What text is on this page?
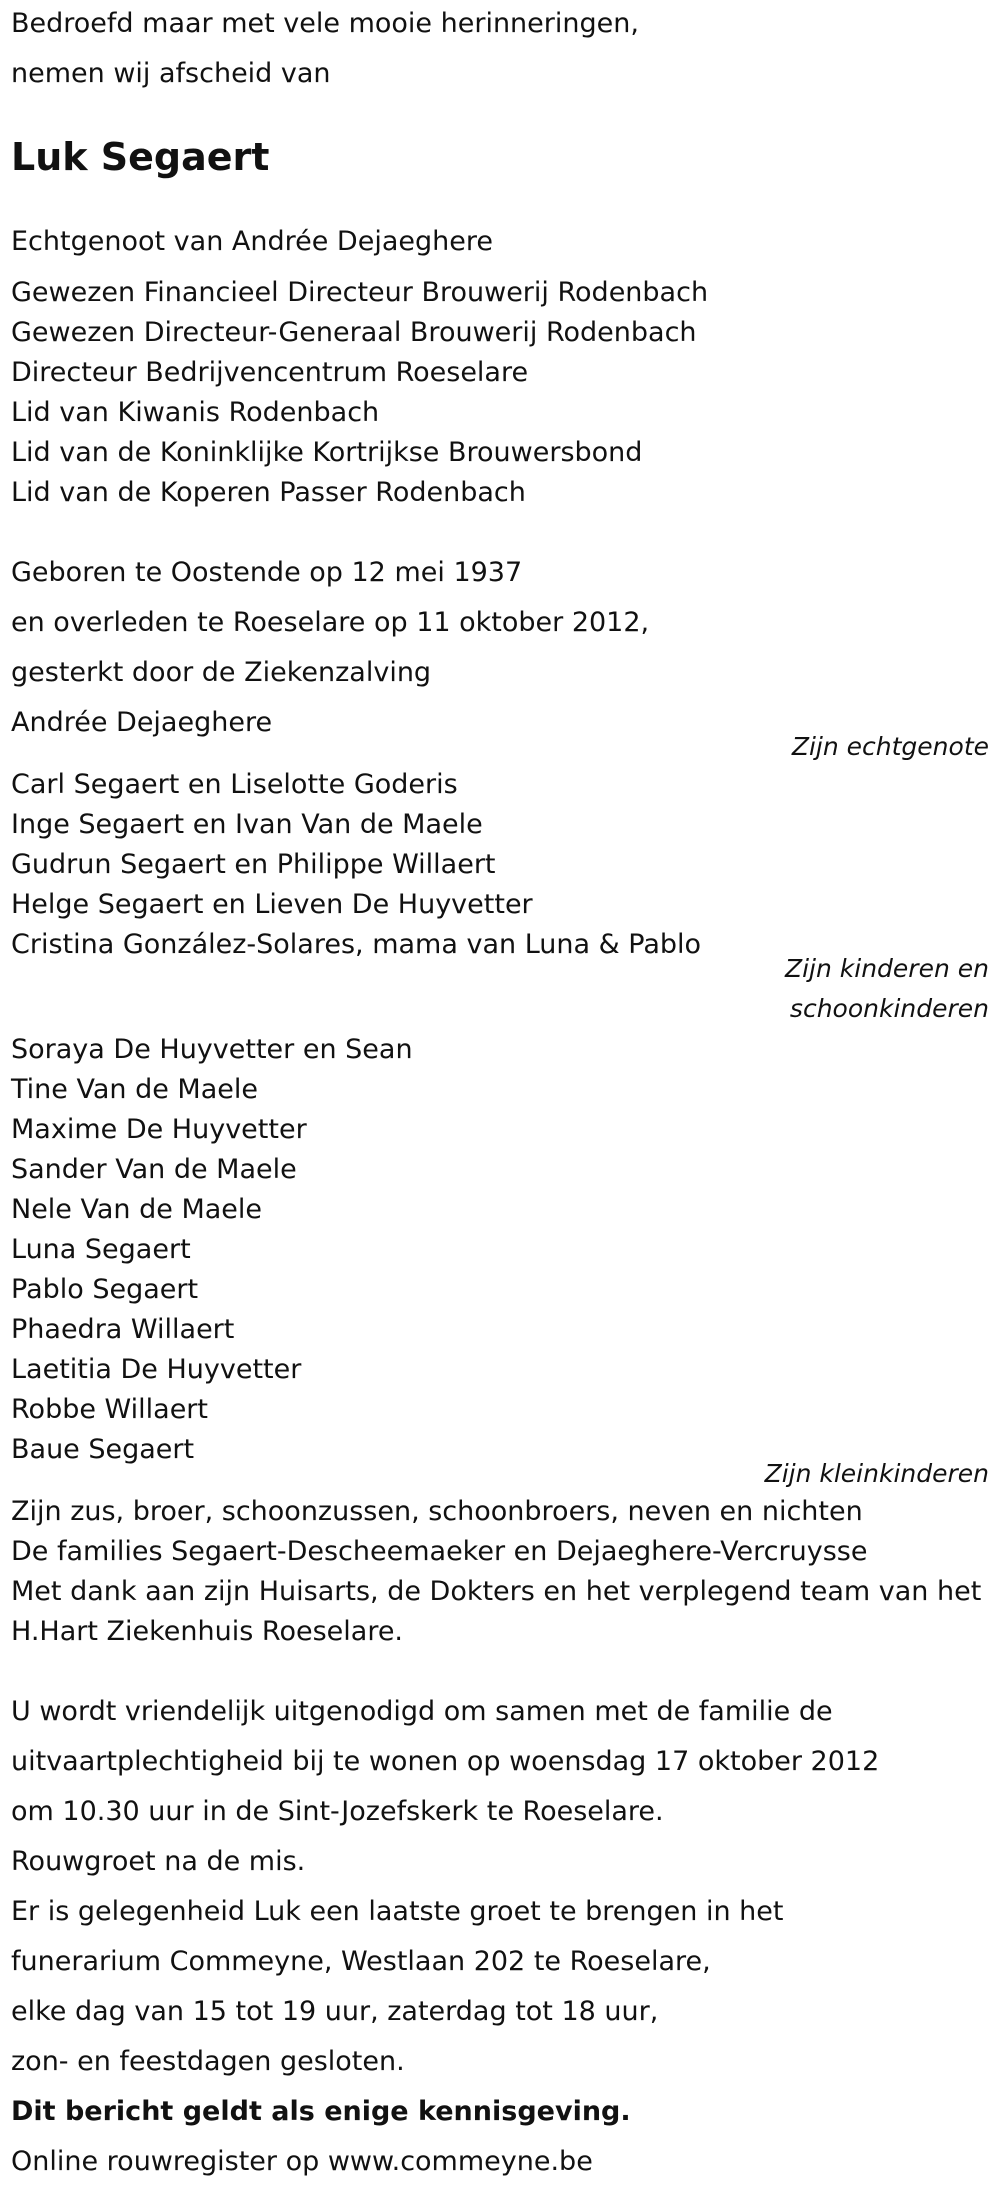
Bedroefd maar met vele mooie herinneringen,

nemen wij afscheid van

Luk Segaert

Echtgenoot van Andrée Dejaeghere

Gewezen Financieel Directeur Brouwerij Rodenbach

Gewezen Directeur-Generaal Brouwerij Rodenbach

Directeur Bedrijvencentrum Roeselare

Lid van Kiwanis Rodenbach

Lid van de Koninklijke Kortrijkse Brouwersbond

Lid van de Koperen Passer Rodenbach

Geboren te Oostende op 12 mei 1937

en overleden te Roeselare op 11 oktober 2012,

gesterkt door de Ziekenzalving

Andrée Dejaeghere

Zijn echtgenote

Carl Segaert en Liselotte Goderis

Inge Segaert en Ivan Van de Maele

Gudrun Segaert en Philippe Willaert

Helge Segaert en Lieven De Huyvetter

Cristina González-Solares, mama van Luna & Pablo

Zijn kinderen en

schoonkinderen

Soraya De Huyvetter en Sean

Tine Van de Maele

Maxime De Huyvetter

Sander Van de Maele

Nele Van de Maele

Luna Segaert

Pablo Segaert

Phaedra Willaert

Laetitia De Huyvetter

Robbe Willaert

Baue Segaert

Zijn kleinkinderen

Zijn zus, broer, schoonzussen, schoonbroers, neven en nichten

De families Segaert-Descheemaeker en Dejaeghere-Vercruysse

Met dank aan zijn Huisarts, de Dokters en het verplegend team van het

H.Hart Ziekenhuis Roeselare.

U wordt vriendelijk uitgenodigd om samen met de familie de

uitvaartplechtigheid bij te wonen op woensdag 17 oktober 2012

om 10.30 uur in de Sint-Jozefskerk te Roeselare.

Rouwgroet na de mis.

Er is gelegenheid Luk een laatste groet te brengen in het

funerarium Commeyne, Westlaan 202 te Roeselare,

elke dag van 15 tot 19 uur, zaterdag tot 18 uur,

zon- en feestdagen gesloten.

Dit bericht geldt als enige kennisgeving.

Online rouwregister op www.commeyne.be
